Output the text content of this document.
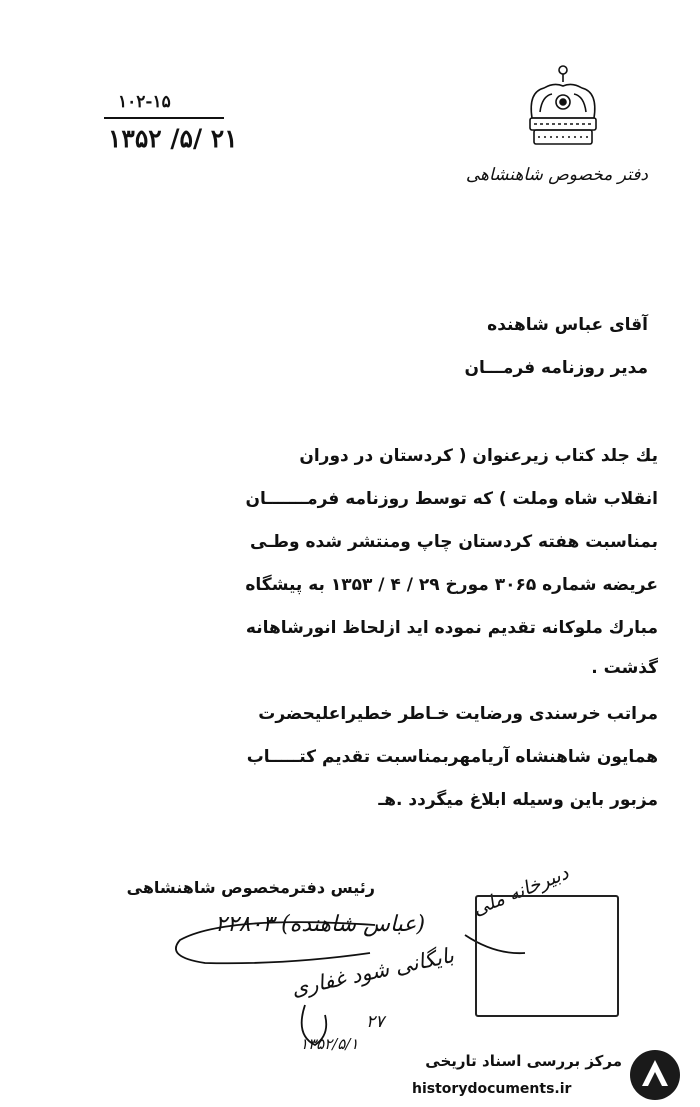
دفتر مخصوص شاهنشاهی
۱۰۲-۱۵
۱۳۵۲ /۵/ ۲۱
آقای عباس شاهنده
مدیر روزنامه فرمـــان
یك جلد كتاب زیرعنوان ( كردستان در دوران
انقلاب شاه وملت ) كه توسط روزنامه فرمـــــــان
بمناسبت هفته كردستان چاپ ومنتشر شده وطـی
عریضه شماره ۳۰۶۵ مورخ ۲۹ / ۴ / ۱۳۵۳ به پیشگاه
مبارك ملوكانه تقدیم نموده اید ازلحاظ انورشاهانه
گذشت .
مراتب خرسندی ورضایت خـاطر خطیراعلیحضرت
همایون شاهنشاه آریامهربمناسبت تقدیم كتـــــاب
مزبور باین وسیله ابلاغ میگردد .هـ
رئیس دفترمخصوص شاهنشاهی	دبیرخانه ملی
(عباس شاهنده) ۲۲۸۰۳
بایگانی شود غفاری
۲۷
۱۳۵۲/۵/۱
مرکز بررسی اسناد تاریخی
historydocuments.ir
